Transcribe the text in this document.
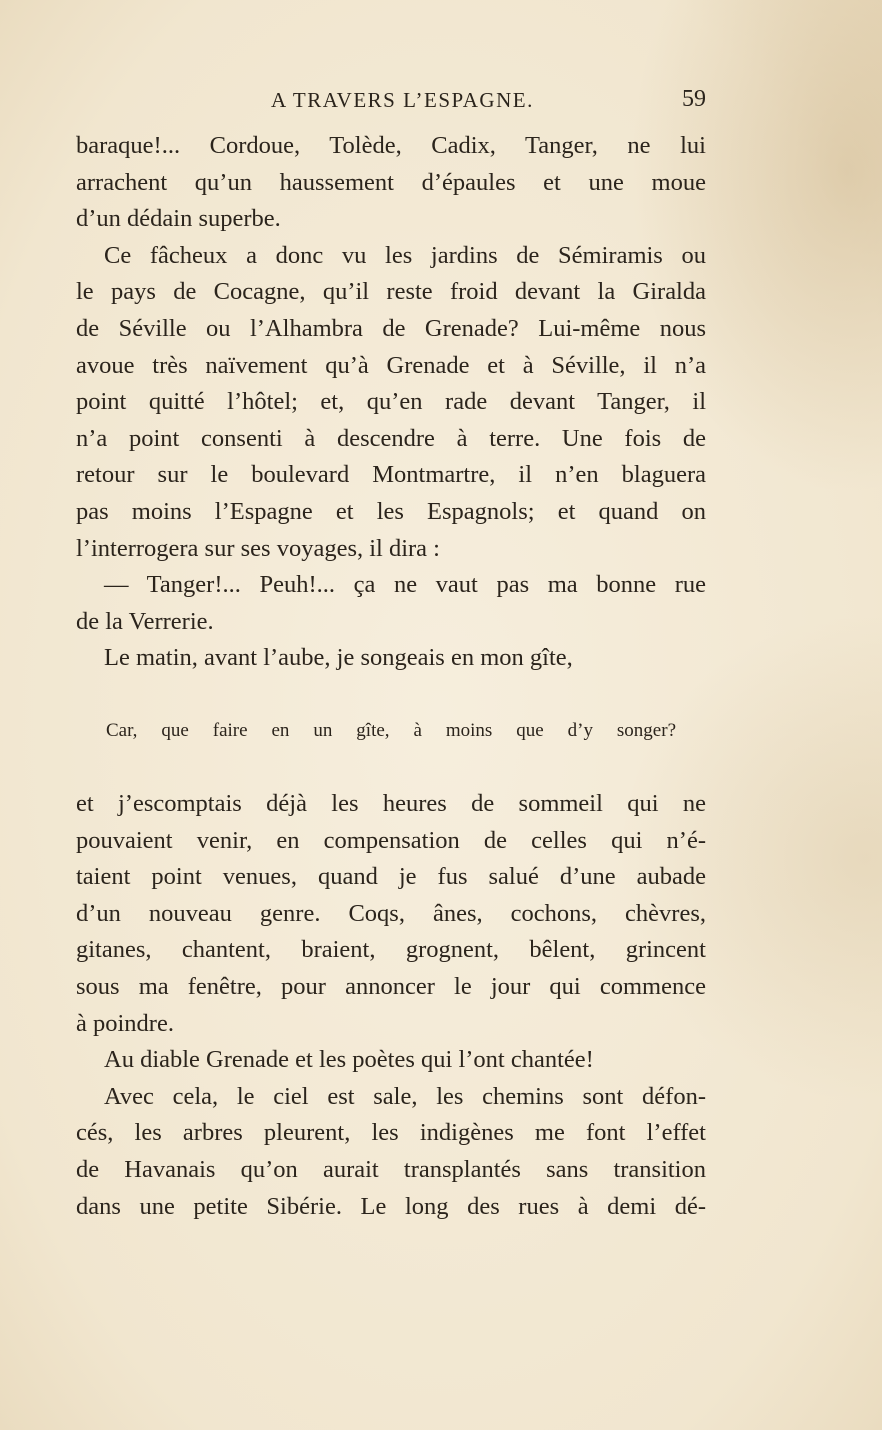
A TRAVERS L’ESPAGNE.	59
baraque!... Cordoue, Tolède, Cadix, Tanger, ne lui
arrachent qu’un haussement d’épaules et une moue
d’un dédain superbe.
Ce fâcheux a donc vu les jardins de Sémiramis ou
le pays de Cocagne, qu’il reste froid devant la Giralda
de Séville ou l’Alhambra de Grenade? Lui-même nous
avoue très naïvement qu’à Grenade et à Séville, il n’a
point quitté l’hôtel; et, qu’en rade devant Tanger, il
n’a point consenti à descendre à terre. Une fois de
retour sur le boulevard Montmartre, il n’en blaguera
pas moins l’Espagne et les Espagnols; et quand on
l’interrogera sur ses voyages, il dira :
— Tanger!... Peuh!... ça ne vaut pas ma bonne rue
de la Verrerie.
Le matin, avant l’aube, je songeais en mon gîte,
Car, que faire en un gîte, à moins que d’y songer?
et j’escomptais déjà les heures de sommeil qui ne
pouvaient venir, en compensation de celles qui n’é-
taient point venues, quand je fus salué d’une aubade
d’un nouveau genre. Coqs, ânes, cochons, chèvres,
gitanes, chantent, braient, grognent, bêlent, grincent
sous ma fenêtre, pour annoncer le jour qui commence
à poindre.
Au diable Grenade et les poètes qui l’ont chantée!
Avec cela, le ciel est sale, les chemins sont défon-
cés, les arbres pleurent, les indigènes me font l’effet
de Havanais qu’on aurait transplantés sans transition
dans une petite Sibérie. Le long des rues à demi dé-
